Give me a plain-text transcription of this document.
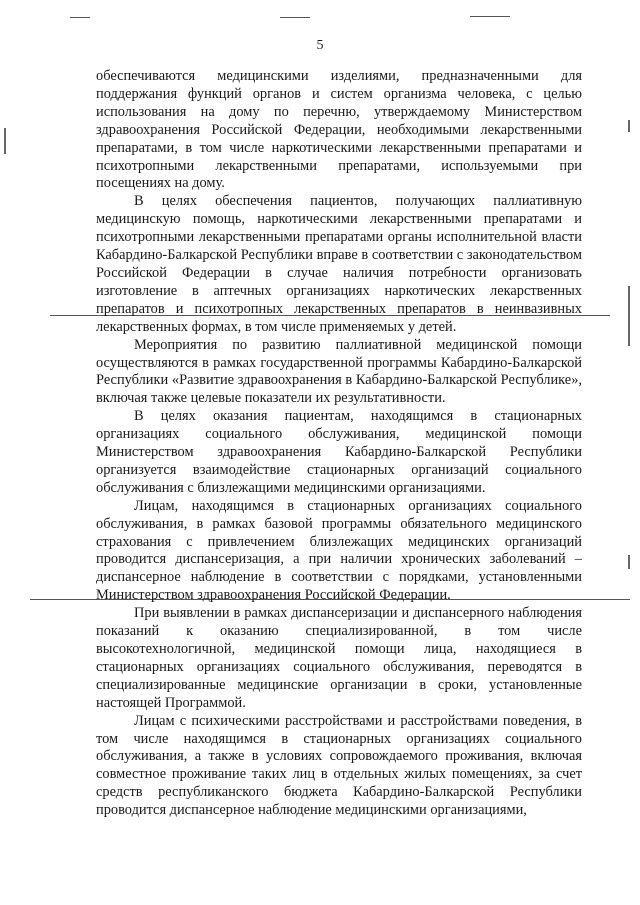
5

обеспечиваются медицинскими изделиями, предназначенными для поддержания функций органов и систем организма человека, с целью использования на дому по перечню, утверждаемому Министерством здравоохранения Российской Федерации, необходимыми лекарственными препаратами, в том числе наркотическими лекарственными препаратами и психотропными лекарственными препаратами, используемыми при посещениях на дому.

В целях обеспечения пациентов, получающих паллиативную медицинскую помощь, наркотическими лекарственными препаратами и психотропными лекарственными препаратами органы исполнительной власти Кабардино-Балкарской Республики вправе в соответствии с законодательством Российской Федерации в случае наличия потребности организовать изготовление в аптечных организациях наркотических лекарственных препаратов и психотропных лекарственных препаратов в неинвазивных лекарственных формах, в том числе применяемых у детей.

Мероприятия по развитию паллиативной медицинской помощи осуществляются в рамках государственной программы Кабардино-Балкарской Республики «Развитие здравоохранения в Кабардино-Балкарской Республике», включая также целевые показатели их результативности.

В целях оказания пациентам, находящимся в стационарных организациях социального обслуживания, медицинской помощи Министерством здравоохранения Кабардино-Балкарской Республики организуется взаимодействие стационарных организаций социального обслуживания с близлежащими медицинскими организациями.

Лицам, находящимся в стационарных организациях социального обслуживания, в рамках базовой программы обязательного медицинского страхования с привлечением близлежащих медицинских организаций проводится диспансеризация, а при наличии хронических заболеваний – диспансерное наблюдение в соответствии с порядками, установленными Министерством здравоохранения Российской Федерации.

При выявлении в рамках диспансеризации и диспансерного наблюдения показаний к оказанию специализированной, в том числе высокотехнологичной, медицинской помощи лица, находящиеся в стационарных организациях социального обслуживания, переводятся в специализированные медицинские организации в сроки, установленные настоящей Программой.

Лицам с психическими расстройствами и расстройствами поведения, в том числе находящимся в стационарных организациях социального обслуживания, а также в условиях сопровождаемого проживания, включая совместное проживание таких лиц в отдельных жилых помещениях, за счет средств республиканского бюджета Кабардино-Балкарской Республики проводится диспансерное наблюдение медицинскими организациями,
